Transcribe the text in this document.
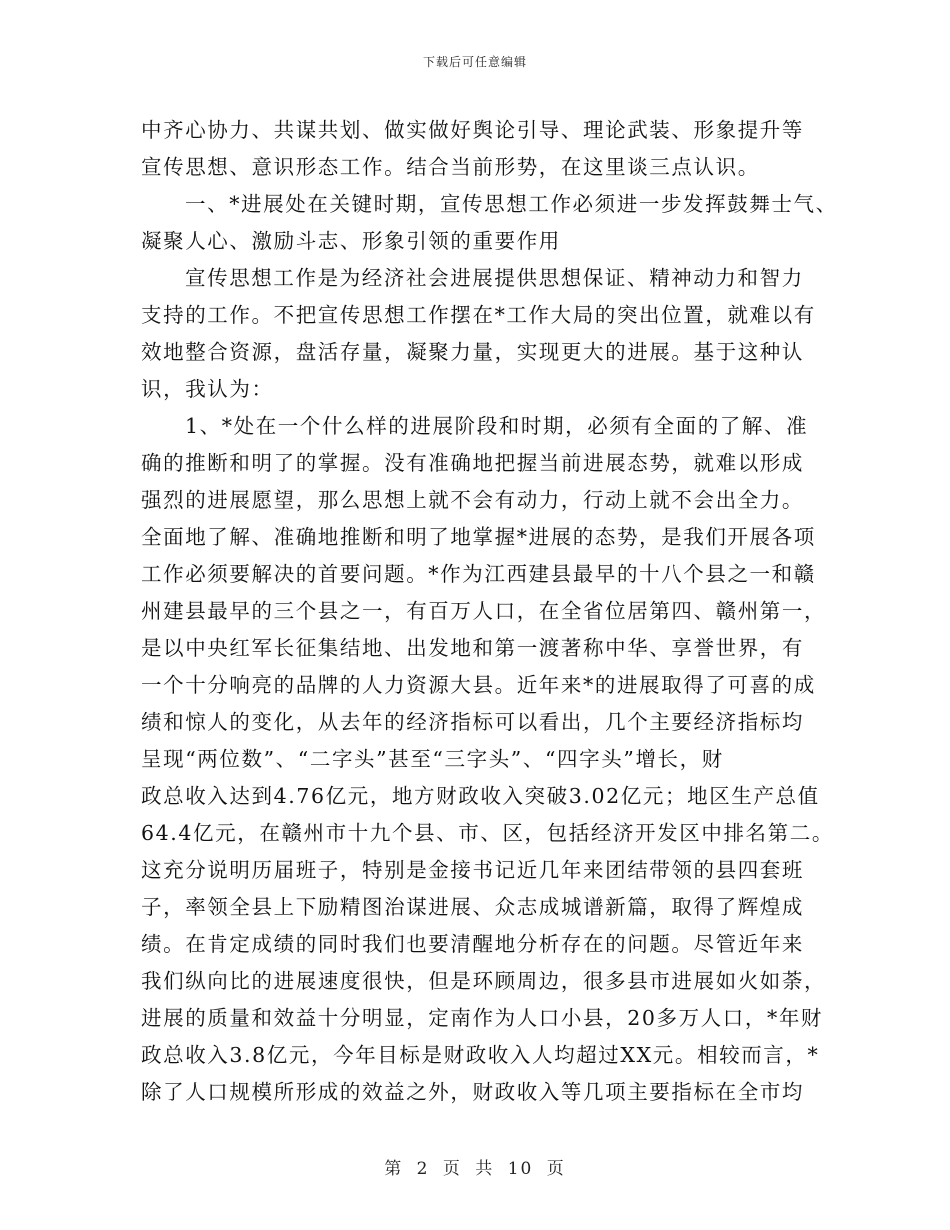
下载后可任意编辑
中齐心协力、共谋共划、做实做好舆论引导、理论武装、形象提升等
宣传思想、意识形态工作。结合当前形势，在这里谈三点认识。
一、*进展处在关键时期，宣传思想工作必须进一步发挥鼓舞士气、
凝聚人心、激励斗志、形象引领的重要作用
宣传思想工作是为经济社会进展提供思想保证、精神动力和智力
支持的工作。不把宣传思想工作摆在*工作大局的突出位置，就难以有
效地整合资源，盘活存量，凝聚力量，实现更大的进展。基于这种认
识，我认为：
1、*处在一个什么样的进展阶段和时期，必须有全面的了解、准
确的推断和明了的掌握。没有准确地把握当前进展态势，就难以形成
强烈的进展愿望，那么思想上就不会有动力，行动上就不会出全力。
全面地了解、准确地推断和明了地掌握*进展的态势，是我们开展各项
工作必须要解决的首要问题。*作为江西建县最早的十八个县之一和赣
州建县最早的三个县之一，有百万人口，在全省位居第四、赣州第一，
是以中央红军长征集结地、出发地和第一渡著称中华、享誉世界，有
一个十分响亮的品牌的人力资源大县。近年来*的进展取得了可喜的成
绩和惊人的变化，从去年的经济指标可以看出，几个主要经济指标均
呈现“两位数”、“二字头”甚至“三字头”、“四字头”增长，财
政总收入达到4.76亿元，地方财政收入突破3.02亿元；地区生产总值
64.4亿元，在赣州市十九个县、市、区，包括经济开发区中排名第二。
这充分说明历届班子，特别是金接书记近几年来团结带领的县四套班
子，率领全县上下励精图治谋进展、众志成城谱新篇，取得了辉煌成
绩。在肯定成绩的同时我们也要清醒地分析存在的问题。尽管近年来
我们纵向比的进展速度很快，但是环顾周边，很多县市进展如火如荼，
进展的质量和效益十分明显，定南作为人口小县，20多万人口，*年财
政总收入3.8亿元，今年目标是财政收入人均超过XX元。相较而言，*
除了人口规模所形成的效益之外，财政收入等几项主要指标在全市均
第 2 页 共 10 页
